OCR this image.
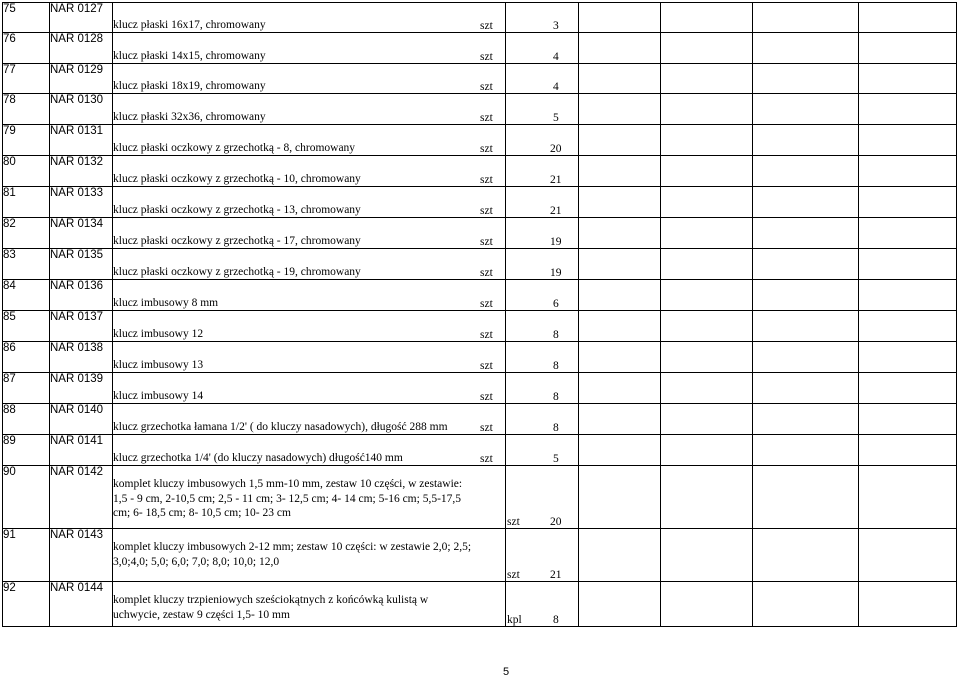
75	NAR 0127	klucz płaski 16x17, chromowany szt 3					

76	NAR 0128	klucz płaski 14x15, chromowany szt 4					

77	NAR 0129	klucz płaski 18x19, chromowany szt 4					

78	NAR 0130	klucz płaski 32x36, chromowany szt 5					

79	NAR 0131	klucz płaski oczkowy z grzechotką - 8, chromowany szt 20					

80	NAR 0132	klucz płaski oczkowy z grzechotką - 10, chromowany szt 21					

81	NAR 0133	klucz płaski oczkowy z grzechotką - 13, chromowany szt 21					

82	NAR 0134	klucz płaski oczkowy z grzechotką - 17, chromowany szt 19					

83	NAR 0135	klucz płaski oczkowy z grzechotką - 19, chromowany szt 19					

84	NAR 0136	klucz imbusowy 8 mm szt 6					

85	NAR 0137	klucz imbusowy 12 szt 8					

86	NAR 0138	klucz imbusowy 13 szt 8					

87	NAR 0139	klucz imbusowy 14 szt 8					

88	NAR 0140	klucz grzechotka łamana 1/2' ( do kluczy nasadowych), długość 288 mm szt 8					

89	NAR 0141	klucz grzechotka 1/4' (do kluczy nasadowych) długość140 mm szt 5					

90	NAR 0142	komplet kluczy imbusowych 1,5 mm-10 mm, zestaw 10 części, w zestawie: 1,5 - 9 cm, 2-10,5 cm; 2,5 - 11 cm; 3- 12,5 cm; 4- 14 cm; 5-16 cm; 5,5-17,5 cm; 6- 18,5 cm; 8- 10,5 cm; 10- 23 cm
szt 20					

91	NAR 0143	komplet kluczy imbusowych 2-12 mm; zestaw 10 części: w zestawie 2,0; 2,5; 3,0;4,0; 5,0; 6,0; 7,0; 8,0; 10,0; 12,0
szt 21					

92	NAR 0144	komplet kluczy trzpieniowych sześciokątnych z końcówką kulistą w uchwycie, zestaw 9 części 1,5- 10 mm kpl 8					

5
